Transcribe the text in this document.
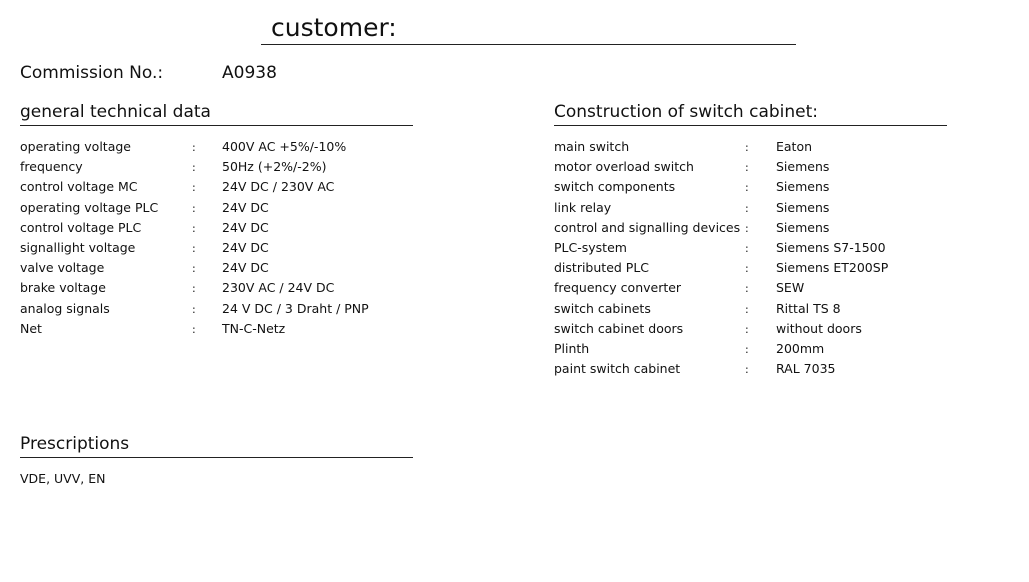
customer:
Commission No.:	A0938
general technical data
operating voltage	: 400V AC +5%/-10%
frequency	: 50Hz (+2%/-2%)
control voltage MC	: 24V DC / 230V AC
operating voltage PLC	: 24V DC
control voltage PLC	: 24V DC
signallight voltage	: 24V DC
valve voltage	: 24V DC
brake voltage	: 230V AC / 24V DC
analog signals	: 24 V DC / 3 Draht / PNP
Net	: TN-C-Netz
Construction of switch cabinet:
main switch	: Eaton
motor overload switch	: Siemens
switch components	: Siemens
link relay	: Siemens
control and signalling devices : Siemens
PLC-system	: Siemens S7-1500
distributed PLC	: Siemens ET200SP
frequency converter	: SEW
switch cabinets	: Rittal TS 8
switch cabinet doors	: without doors
Plinth	: 200mm
paint switch cabinet	: RAL 7035
Prescriptions
VDE, UVV, EN
